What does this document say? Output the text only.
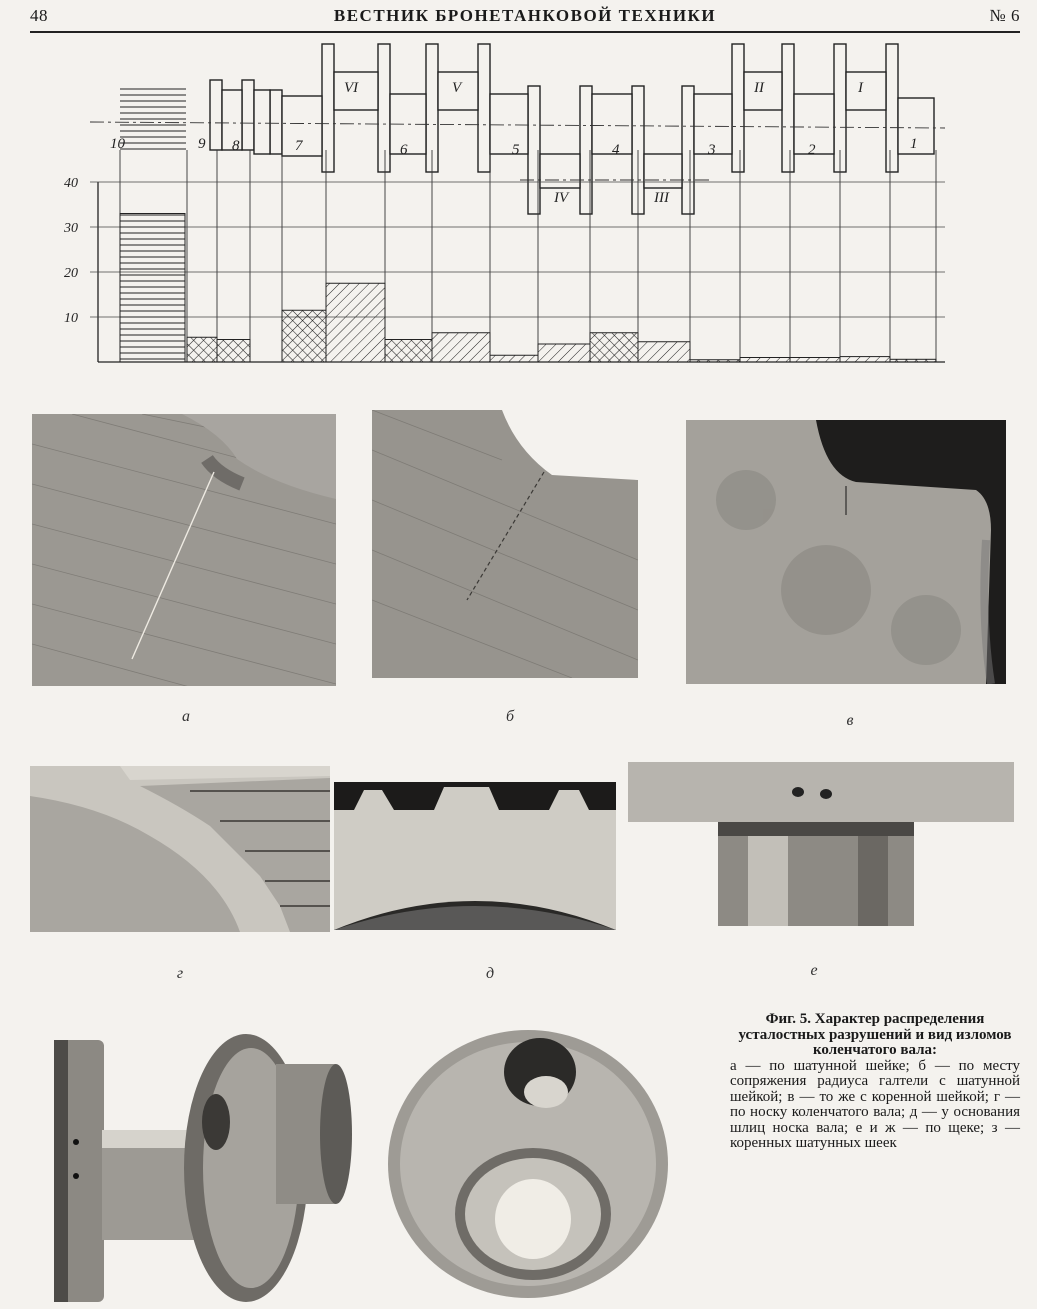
48	ВЕСТНИК БРОНЕТАНКОВОЙ ТЕХНИКИ	№ 6
10
20
30
40
10	9 8	7	6	5	4	3	2	1
VI	V
IV	III
II	I
а	б	в
г	д	е
Фиг. 5. Характер распределения усталостных разрушений и вид изломов коленчатого вала:
а — по шатунной шейке; б — по месту сопряжения радиуса галтели с шатунной шейкой; в — то же с коренной шейкой; г — по носку коленчатого вала; д — у основания шлиц носка вала; е и ж — по щеке; з — коренных шатунных шеек
